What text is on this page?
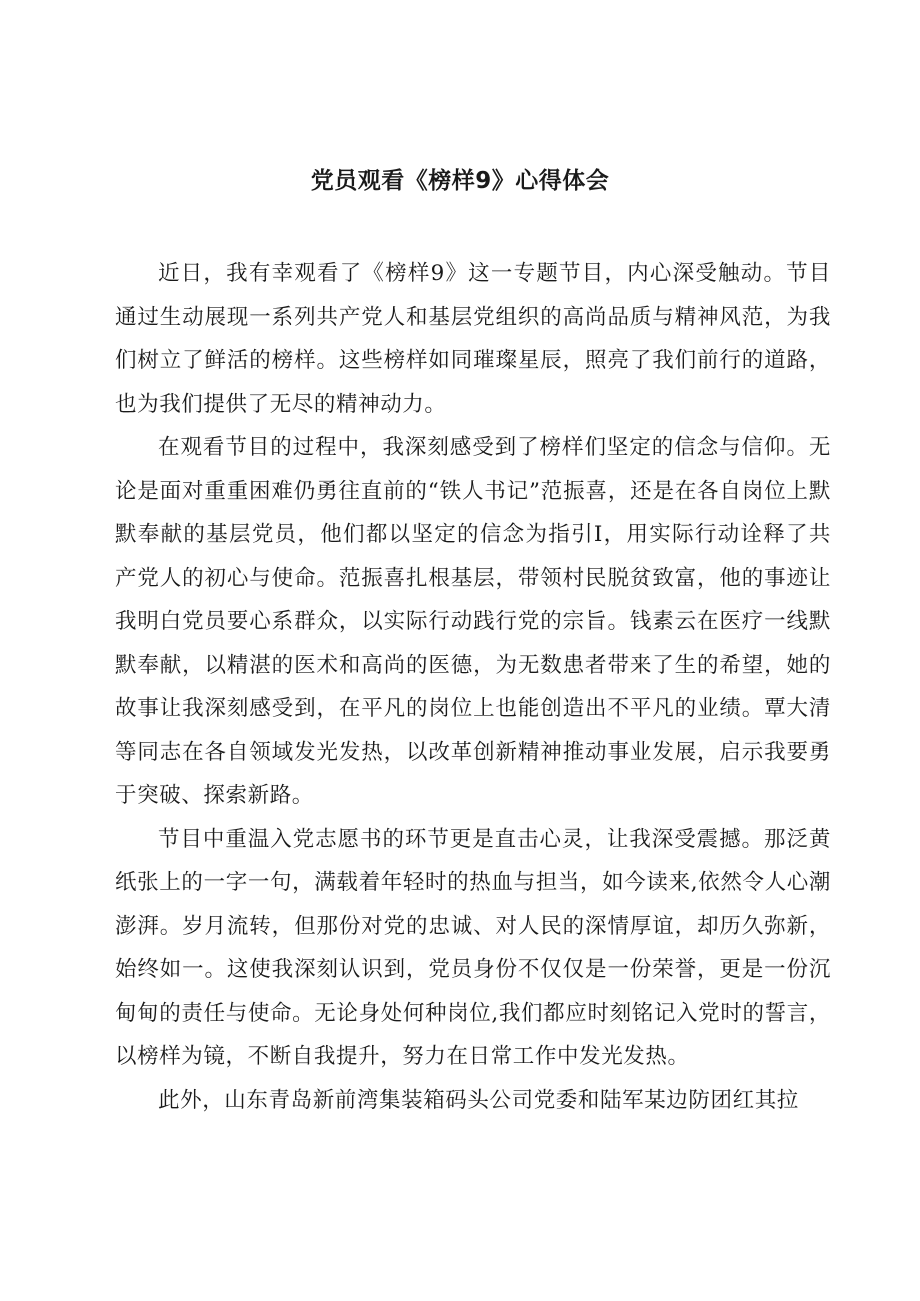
党员观看《榜样9》心得体会

近日，我有幸观看了《榜样9》这一专题节目，内心深受触动。节目通过生动展现一系列共产党人和基层党组织的高尚品质与精神风范，为我们树立了鲜活的榜样。这些榜样如同璀璨星辰，照亮了我们前行的道路，也为我们提供了无尽的精神动力。

在观看节目的过程中，我深刻感受到了榜样们坚定的信念与信仰。无论是面对重重困难仍勇往直前的“铁人书记”范振喜，还是在各自岗位上默默奉献的基层党员，他们都以坚定的信念为指引I，用实际行动诠释了共产党人的初心与使命。范振喜扎根基层，带领村民脱贫致富，他的事迹让我明白党员要心系群众，以实际行动践行党的宗旨。钱素云在医疗一线默默奉献，以精湛的医术和高尚的医德，为无数患者带来了生的希望，她的故事让我深刻感受到，在平凡的岗位上也能创造出不平凡的业绩。覃大清等同志在各自领域发光发热，以改革创新精神推动事业发展，启示我要勇于突破、探索新路。

节目中重温入党志愿书的环节更是直击心灵，让我深受震撼。那泛黄纸张上的一字一句，满载着年轻时的热血与担当，如今读来,依然令人心潮澎湃。岁月流转，但那份对党的忠诚、对人民的深情厚谊，却历久弥新，始终如一。这使我深刻认识到，党员身份不仅仅是一份荣誉，更是一份沉甸甸的责任与使命。无论身处何种岗位,我们都应时刻铭记入党时的誓言，以榜样为镜，不断自我提升，努力在日常工作中发光发热。

此外，山东青岛新前湾集装箱码头公司党委和陆军某边防团红其拉
